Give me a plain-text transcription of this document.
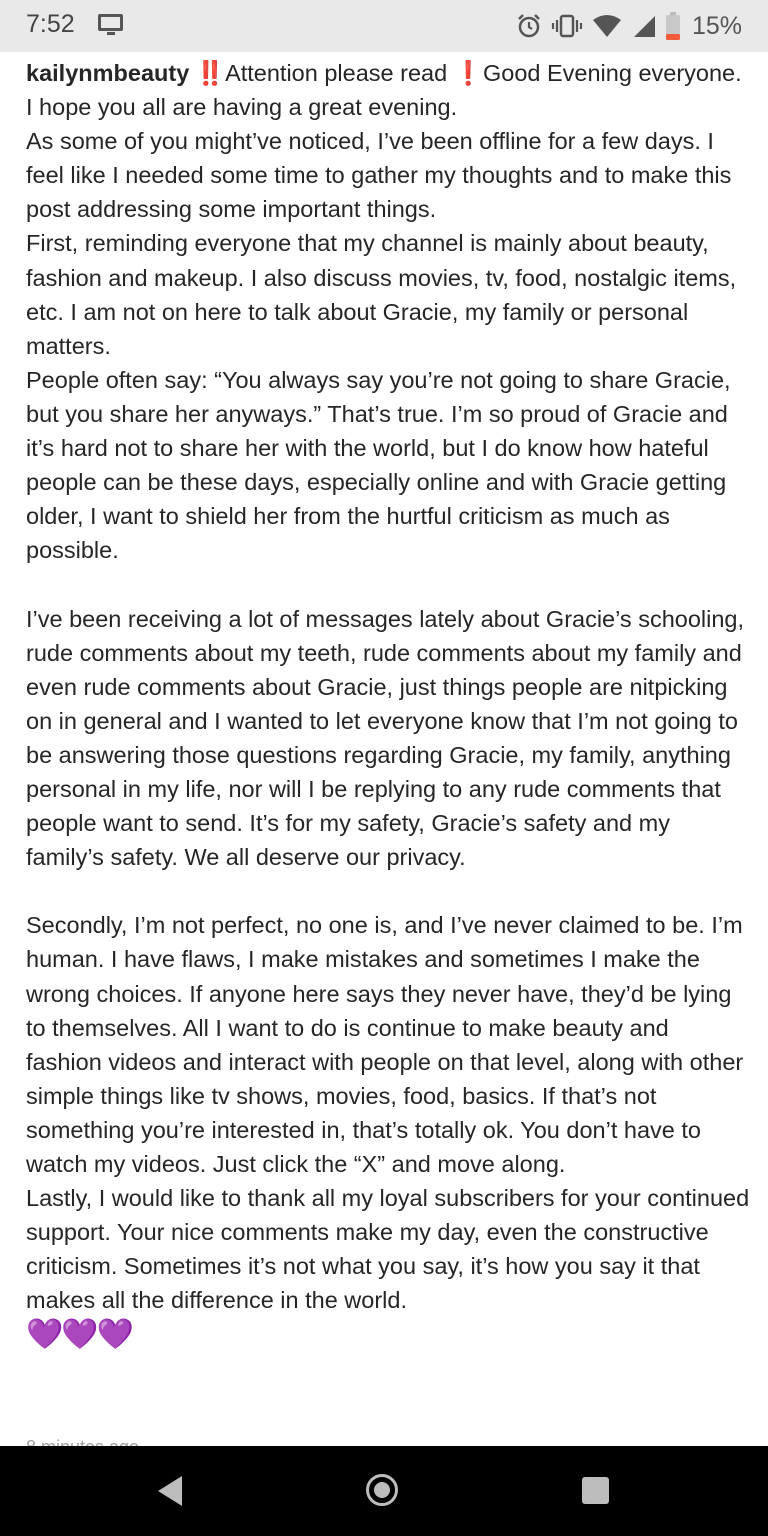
7:52	15%

kailynmbeauty ‼️Attention please read ❗Good Evening everyone. I hope you all are having a great evening.

As some of you might’ve noticed, I’ve been offline for a few days. I feel like I needed some time to gather my thoughts and to make this post addressing some important things.

First, reminding everyone that my channel is mainly about beauty, fashion and makeup. I also discuss movies, tv, food, nostalgic items, etc. I am not on here to talk about Gracie, my family or personal matters.

People often say: “You always say you’re not going to share Gracie, but you share her anyways.” That’s true. I’m so proud of Gracie and it’s hard not to share her with the world, but I do know how hateful people can be these days, especially online and with Gracie getting older, I want to shield her from the hurtful criticism as much as possible.

I’ve been receiving a lot of messages lately about Gracie’s schooling, rude comments about my teeth, rude comments about my family and even rude comments about Gracie, just things people are nitpicking on in general and I wanted to let everyone know that I’m not going to be answering those questions regarding Gracie, my family, anything personal in my life, nor will I be replying to any rude comments that people want to send. It’s for my safety, Gracie’s safety and my family’s safety. We all deserve our privacy.

Secondly, I’m not perfect, no one is, and I’ve never claimed to be. I’m human. I have flaws, I make mistakes and sometimes I make the wrong choices. If anyone here says they never have, they’d be lying to themselves. All I want to do is continue to make beauty and fashion videos and interact with people on that level, along with other simple things like tv shows, movies, food, basics. If that’s not something you’re interested in, that’s totally ok. You don’t have to watch my videos. Just click the “X” and move along.

Lastly, I would like to thank all my loyal subscribers for your continued support. Your nice comments make my day, even the constructive criticism. Sometimes it’s not what you say, it’s how you say it that makes all the difference in the world.

💜💜💜
